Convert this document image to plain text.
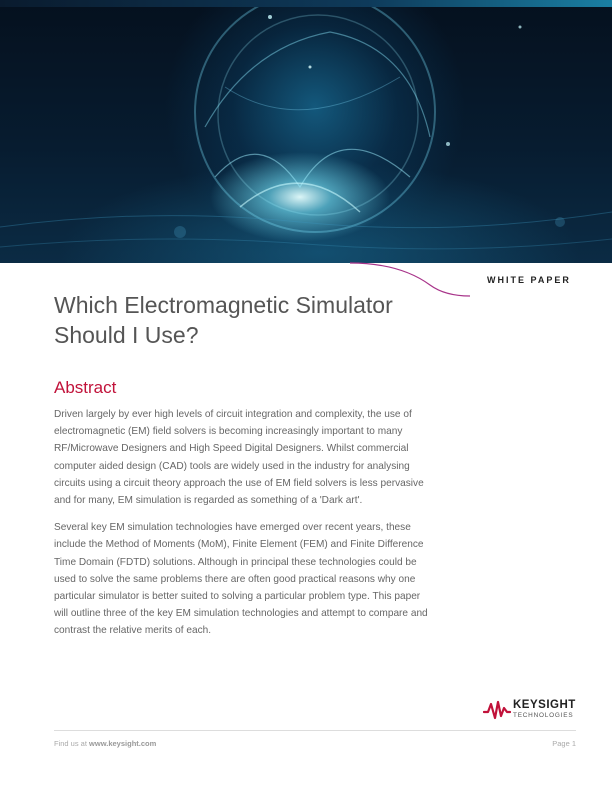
WHITE PAPER
Which Electromagnetic Simulator
Should I Use?
Abstract

Driven largely by ever high levels of circuit integration and complexity, the use of electromagnetic (EM) field solvers is becoming increasingly important to many RF/Microwave Designers and High Speed Digital Designers. Whilst commercial computer aided design (CAD) tools are widely used in the industry for analysing circuits using a circuit theory approach the use of EM field solvers is less pervasive and for many, EM simulation is regarded as something of a 'Dark art'.

Several key EM simulation technologies have emerged over recent years, these include the Method of Moments (MoM), Finite Element (FEM) and Finite Difference Time Domain (FDTD) solutions. Although in principal these technologies could be used to solve the same problems there are often good practical reasons why one particular simulator is better suited to solving a particular problem type. This paper will outline three of the key EM simulation technologies and attempt to compare and contrast the relative merits of each.

KEYSIGHT
TECHNOLOGIES
Find us at www.keysight.com	Page 1
